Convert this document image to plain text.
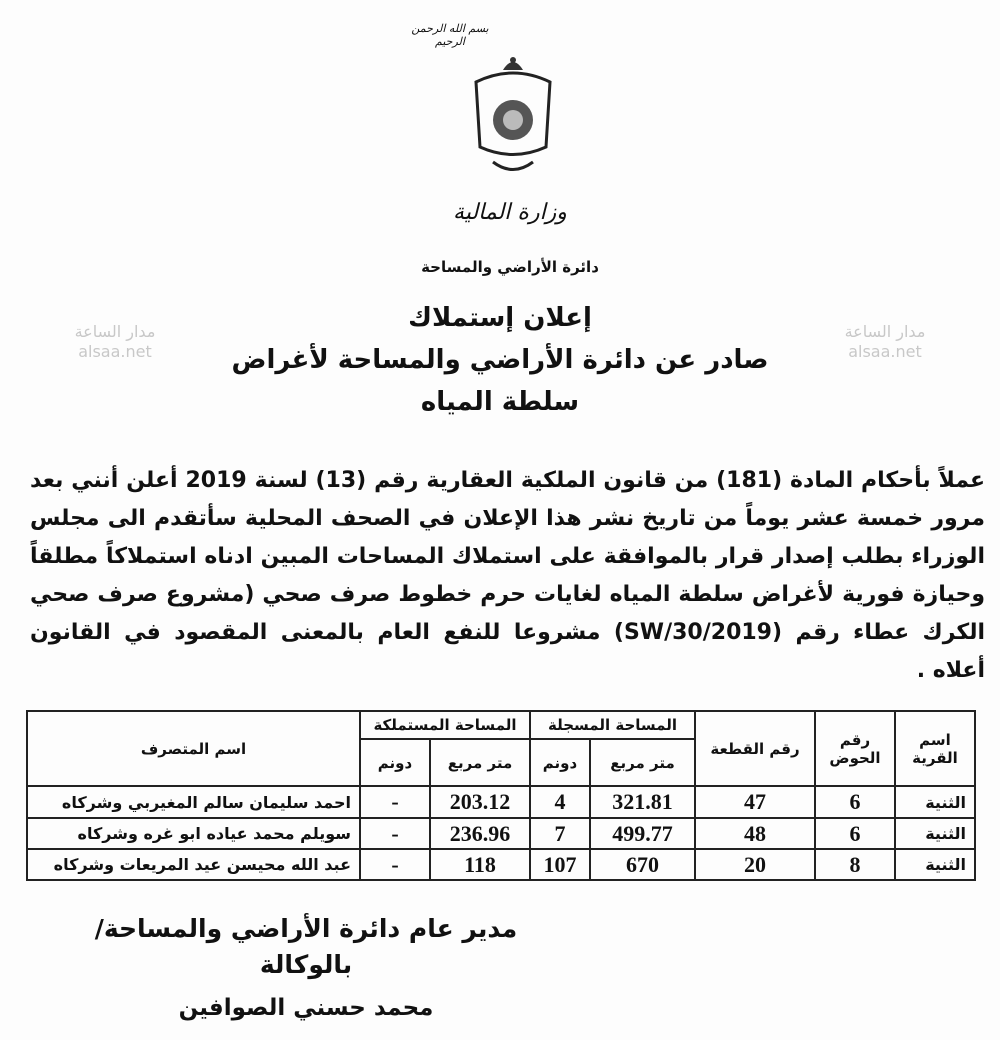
بسم الله الرحمن الرحيم
وزارة المالية
دائرة الأراضي والمساحة
إعلان إستملاك
صادر عن دائرة الأراضي والمساحة لأغراض
سلطة المياه
مدار الساعة
alsaa.net
مدار الساعة
alsaa.net
عملاً بأحكام المادة (181) من قانون الملكية العقارية رقم (13) لسنة 2019 أعلن أنني بعد مرور خمسة عشر يوماً من تاريخ نشر هذا الإعلان في الصحف المحلية سأتقدم الى مجلس الوزراء بطلب إصدار قرار بالموافقة على استملاك المساحات المبين ادناه استملاكاً مطلقاً وحيازة فورية لأغراض سلطة المياه لغايات حرم خطوط صرف صحي (مشروع صرف صحي الكرك عطاء رقم (30/2019/SW) مشروعا للنفع العام بالمعنى المقصود في القانون أعلاه .
اسم القرية	رقم الحوض	رقم القطعة	المساحة المسجلة		المساحة المستملكة		اسم المتصرف
			متر مربع	دونم	متر مربع	دونم	
الثنية	6	47	321.81	4	203.12	-	احمد سليمان سالم المغيربي وشركاه
الثنية	6	48	499.77	7	236.96	-	سويلم محمد عياده ابو غره وشركاه
الثنية	8	20	670	107	118	-	عبد الله محيسن عيد المريعات وشركاه
مدير عام دائرة الأراضي والمساحة/بالوكالة
محمد حسني الصوافين
